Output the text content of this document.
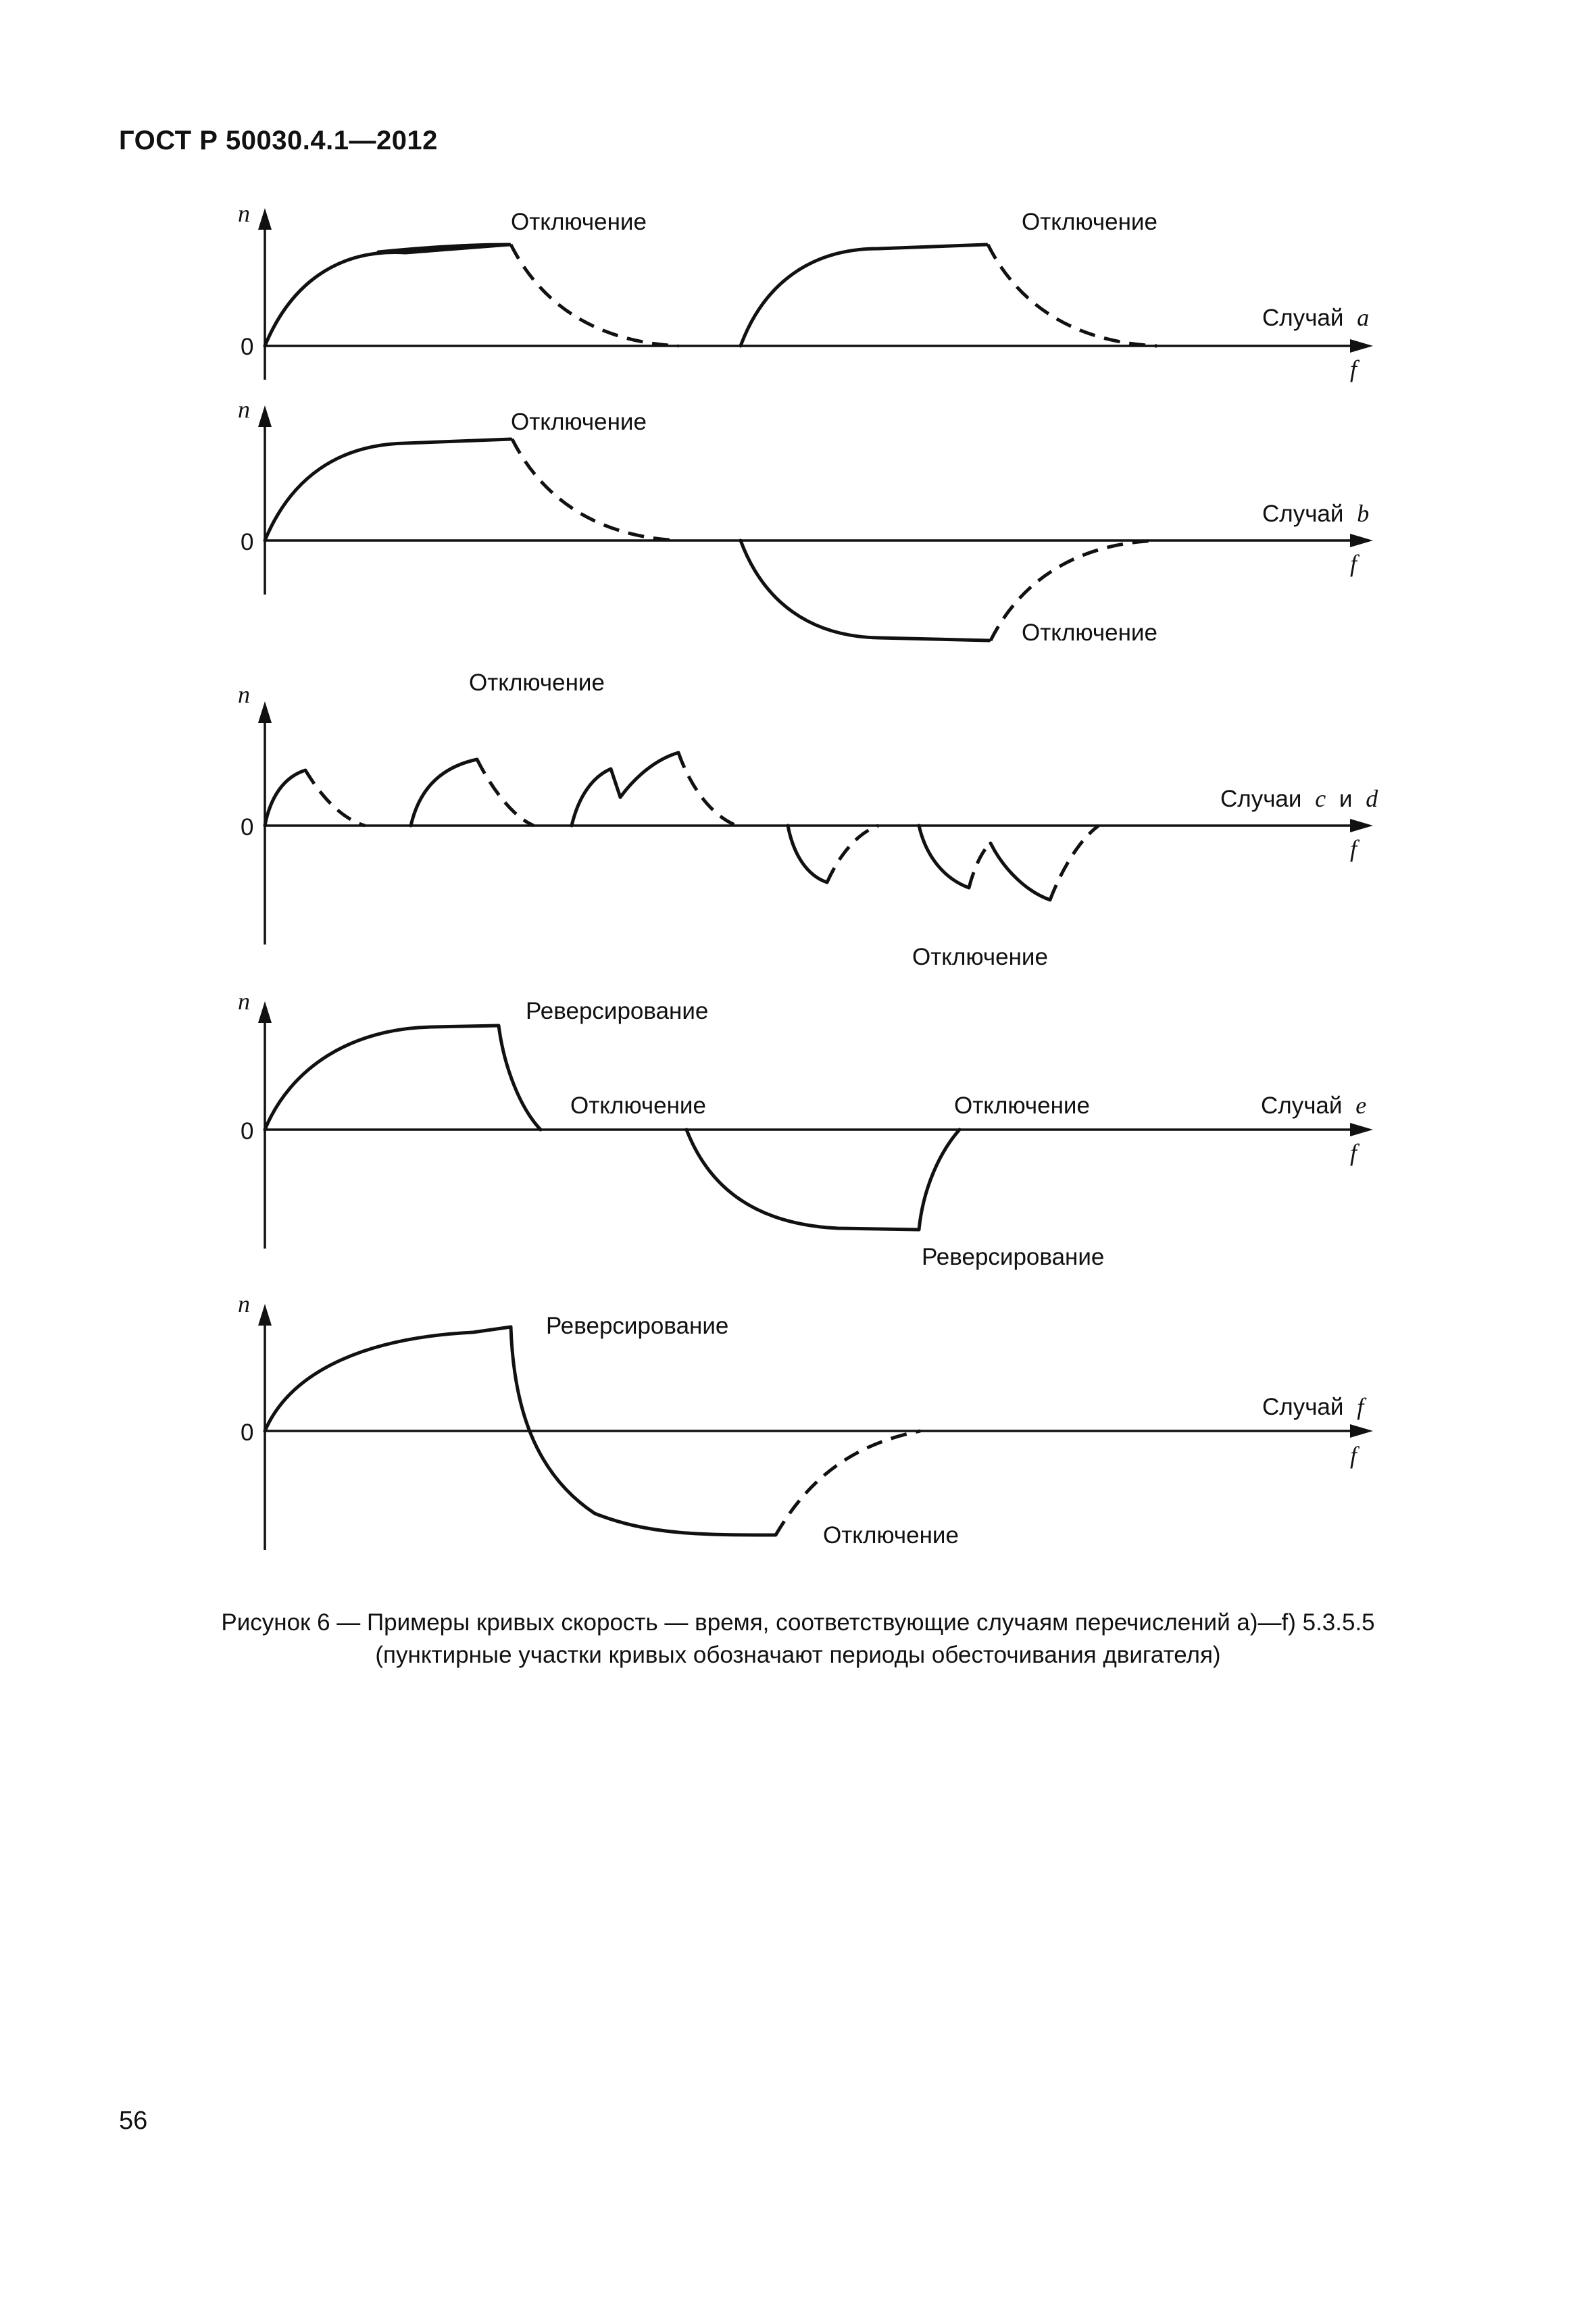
ГОСТ Р 50030.4.1—2012
n
0
f
Случай a
Отключение	Отключение
n
0
f
Случай b
Отключение
Отключение
n
0
f
Случаи c и d
Отключение
Отключение
n
0
f
Случай e
Реверсирование
Отключение	Отключение
Реверсирование
n
0
f
Случай f
Реверсирование
Отключение
Рисунок 6 — Примеры кривых скорость — время, соответствующие случаям перечислений a)—f) 5.3.5.5
(пунктирные участки кривых обозначают периоды обесточивания двигателя)
56
